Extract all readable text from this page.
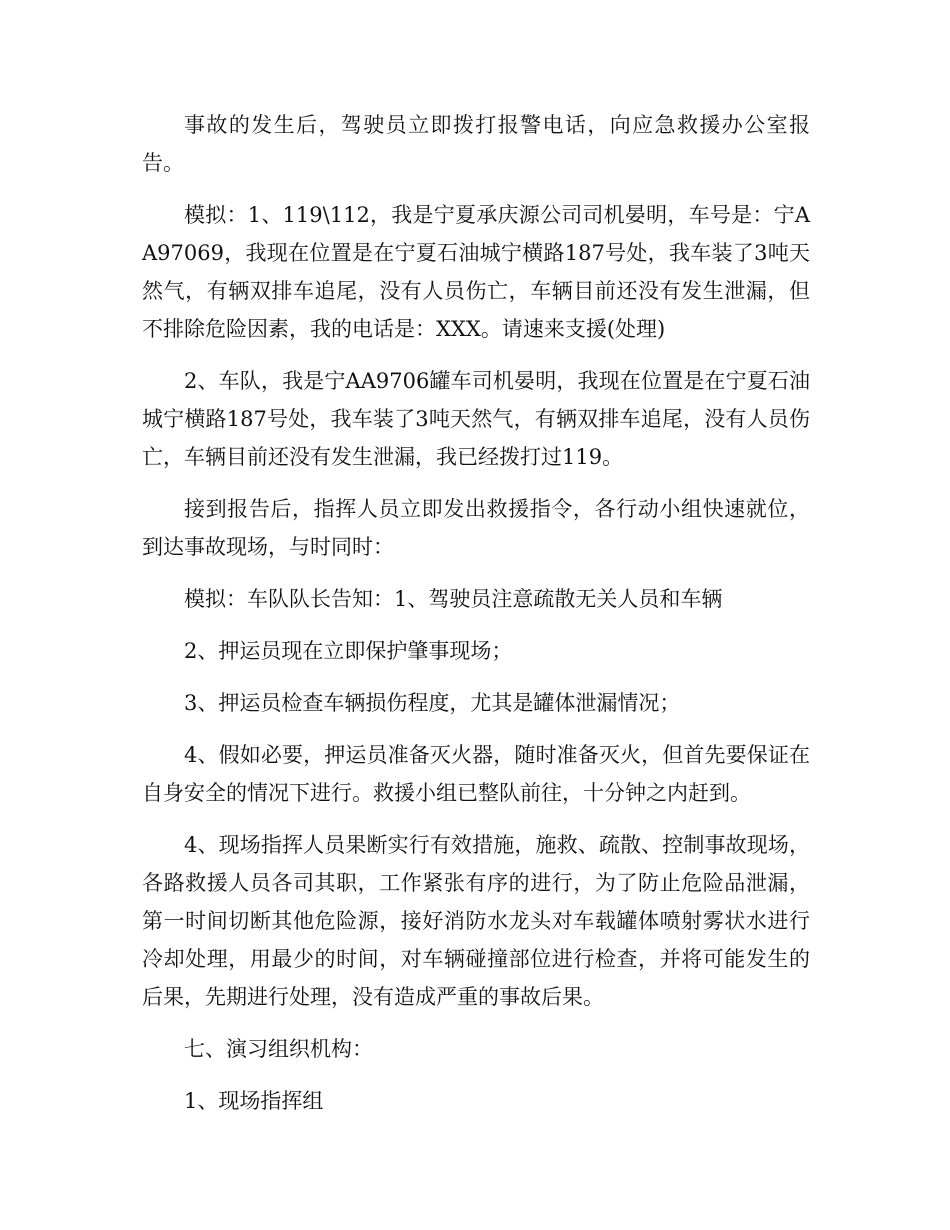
事故的发生后，驾驶员立即拨打报警电话，向应急救援办公室报告。

模拟：1、119\112，我是宁夏承庆源公司司机晏明，车号是：宁AA97069，我现在位置是在宁夏石油城宁横路187号处，我车装了3吨天然气，有辆双排车追尾，没有人员伤亡，车辆目前还没有发生泄漏，但不排除危险因素，我的电话是：XXX。请速来支援(处理)

2、车队，我是宁AA9706罐车司机晏明，我现在位置是在宁夏石油城宁横路187号处，我车装了3吨天然气，有辆双排车追尾，没有人员伤亡，车辆目前还没有发生泄漏，我已经拨打过119。

接到报告后，指挥人员立即发出救援指令，各行动小组快速就位，到达事故现场，与时同时：

模拟：车队队长告知：1、驾驶员注意疏散无关人员和车辆

2、押运员现在立即保护肇事现场；

3、押运员检查车辆损伤程度，尤其是罐体泄漏情况；

4、假如必要，押运员准备灭火器，随时准备灭火，但首先要保证在自身安全的情况下进行。救援小组已整队前往，十分钟之内赶到。

4、现场指挥人员果断实行有效措施，施救、疏散、控制事故现场，各路救援人员各司其职，工作紧张有序的进行，为了防止危险品泄漏，第一时间切断其他危险源，接好消防水龙头对车载罐体喷射雾状水进行冷却处理，用最少的时间，对车辆碰撞部位进行检查，并将可能发生的后果，先期进行处理，没有造成严重的事故后果。

七、演习组织机构：

1、现场指挥组
